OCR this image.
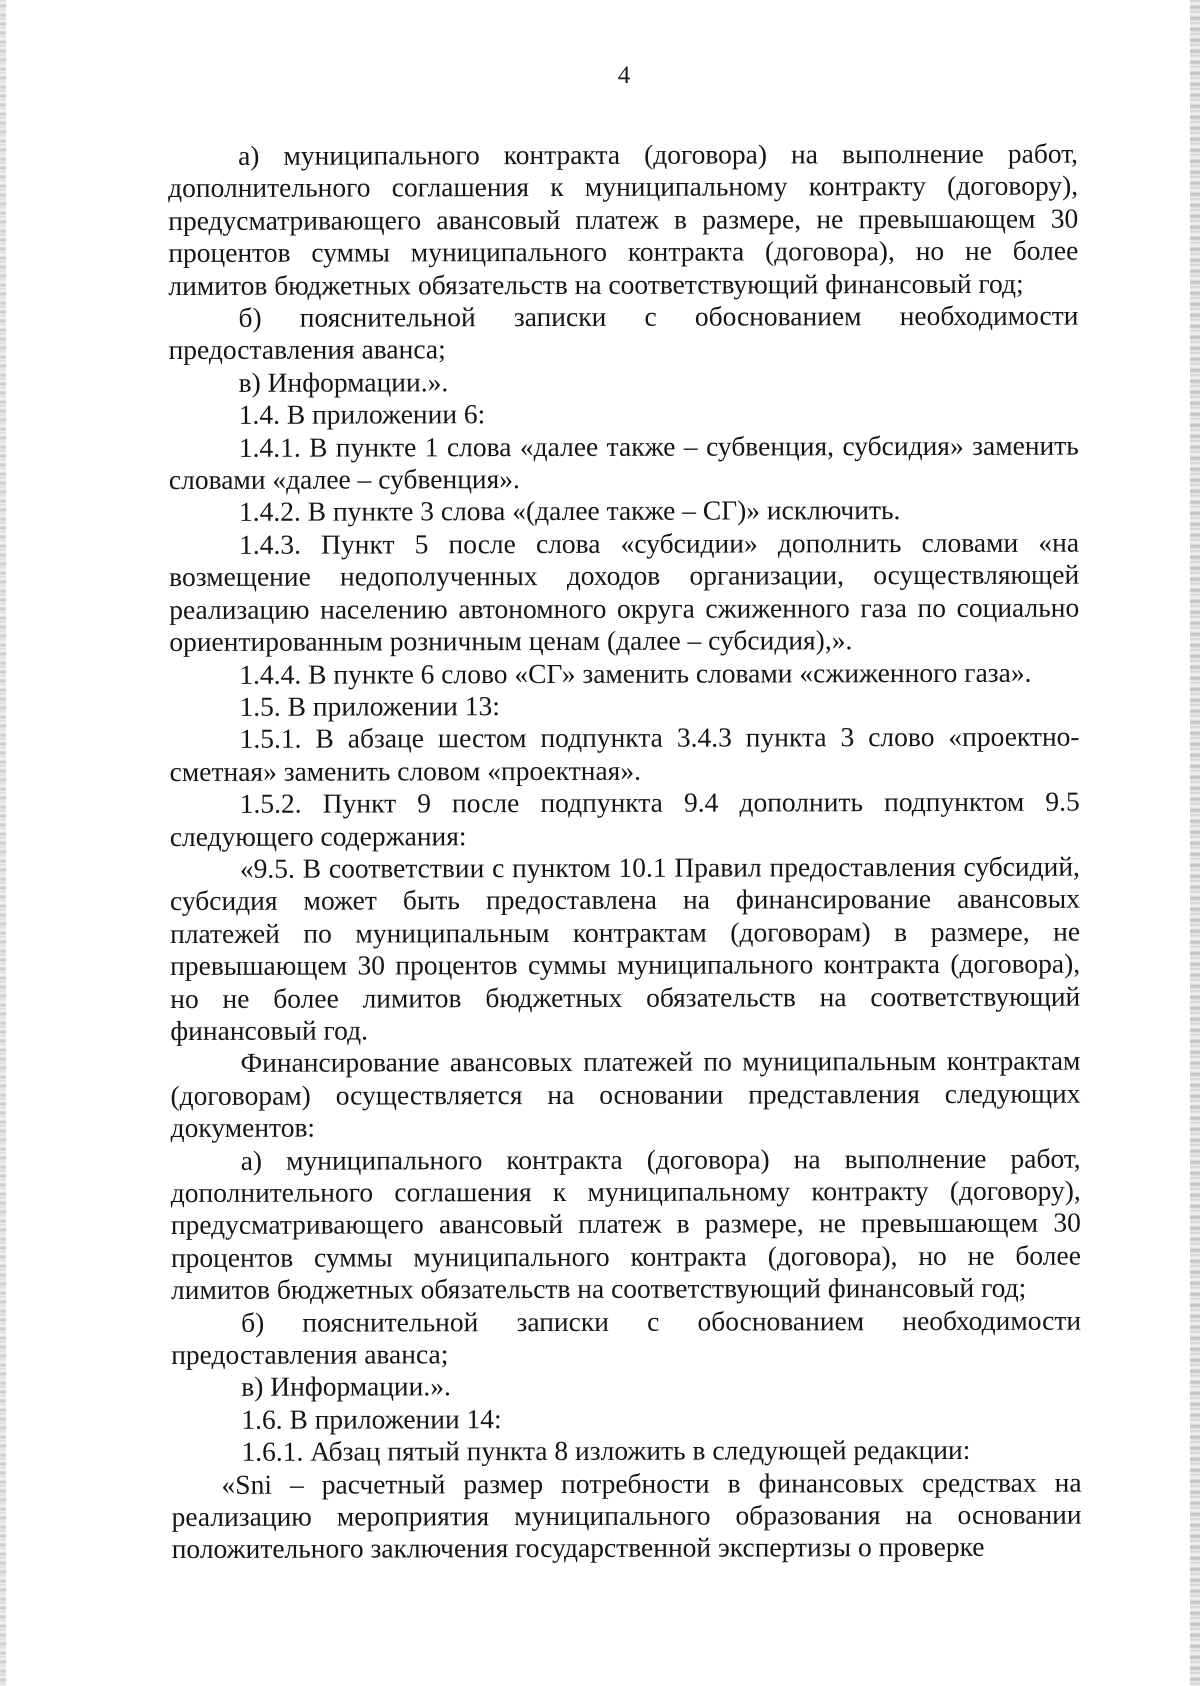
4

а) муниципального контракта (договора) на выполнение работ, дополнительного соглашения к муниципальному контракту (договору), предусматривающего авансовый платеж в размере, не превышающем 30 процентов суммы муниципального контракта (договора), но не более лимитов бюджетных обязательств на соответствующий финансовый год;

б) пояснительной записки с обоснованием необходимости предоставления аванса;

в) Информации.».

1.4. В приложении 6:

1.4.1. В пункте 1 слова «далее также – субвенция, субсидия» заменить словами «далее – субвенция».

1.4.2. В пункте 3 слова «(далее также – СГ)» исключить.

1.4.3. Пункт 5 после слова «субсидии» дополнить словами «на возмещение недополученных доходов организации, осуществляющей реализацию населению автономного округа сжиженного газа по социально ориентированным розничным ценам (далее – субсидия),».

1.4.4. В пункте 6 слово «СГ» заменить словами «сжиженного газа».

1.5. В приложении 13:

1.5.1. В абзаце шестом подпункта 3.4.3 пункта 3 слово «проектно-сметная» заменить словом «проектная».

1.5.2. Пункт 9 после подпункта 9.4 дополнить подпунктом 9.5 следующего содержания:

«9.5. В соответствии с пунктом 10.1 Правил предоставления субсидий, субсидия может быть предоставлена на финансирование авансовых платежей по муниципальным контрактам (договорам) в размере, не превышающем 30 процентов суммы муниципального контракта (договора), но не более лимитов бюджетных обязательств на соответствующий финансовый год.

Финансирование авансовых платежей по муниципальным контрактам (договорам) осуществляется на основании представления следующих документов:

а) муниципального контракта (договора) на выполнение работ, дополнительного соглашения к муниципальному контракту (договору), предусматривающего авансовый платеж в размере, не превышающем 30 процентов суммы муниципального контракта (договора), но не более лимитов бюджетных обязательств на соответствующий финансовый год;

б) пояснительной записки с обоснованием необходимости предоставления аванса;

в) Информации.».

1.6. В приложении 14:

1.6.1. Абзац пятый пункта 8 изложить в следующей редакции:

«Sni – расчетный размер потребности в финансовых средствах на реализацию мероприятия муниципального образования на основании положительного заключения государственной экспертизы о проверке
